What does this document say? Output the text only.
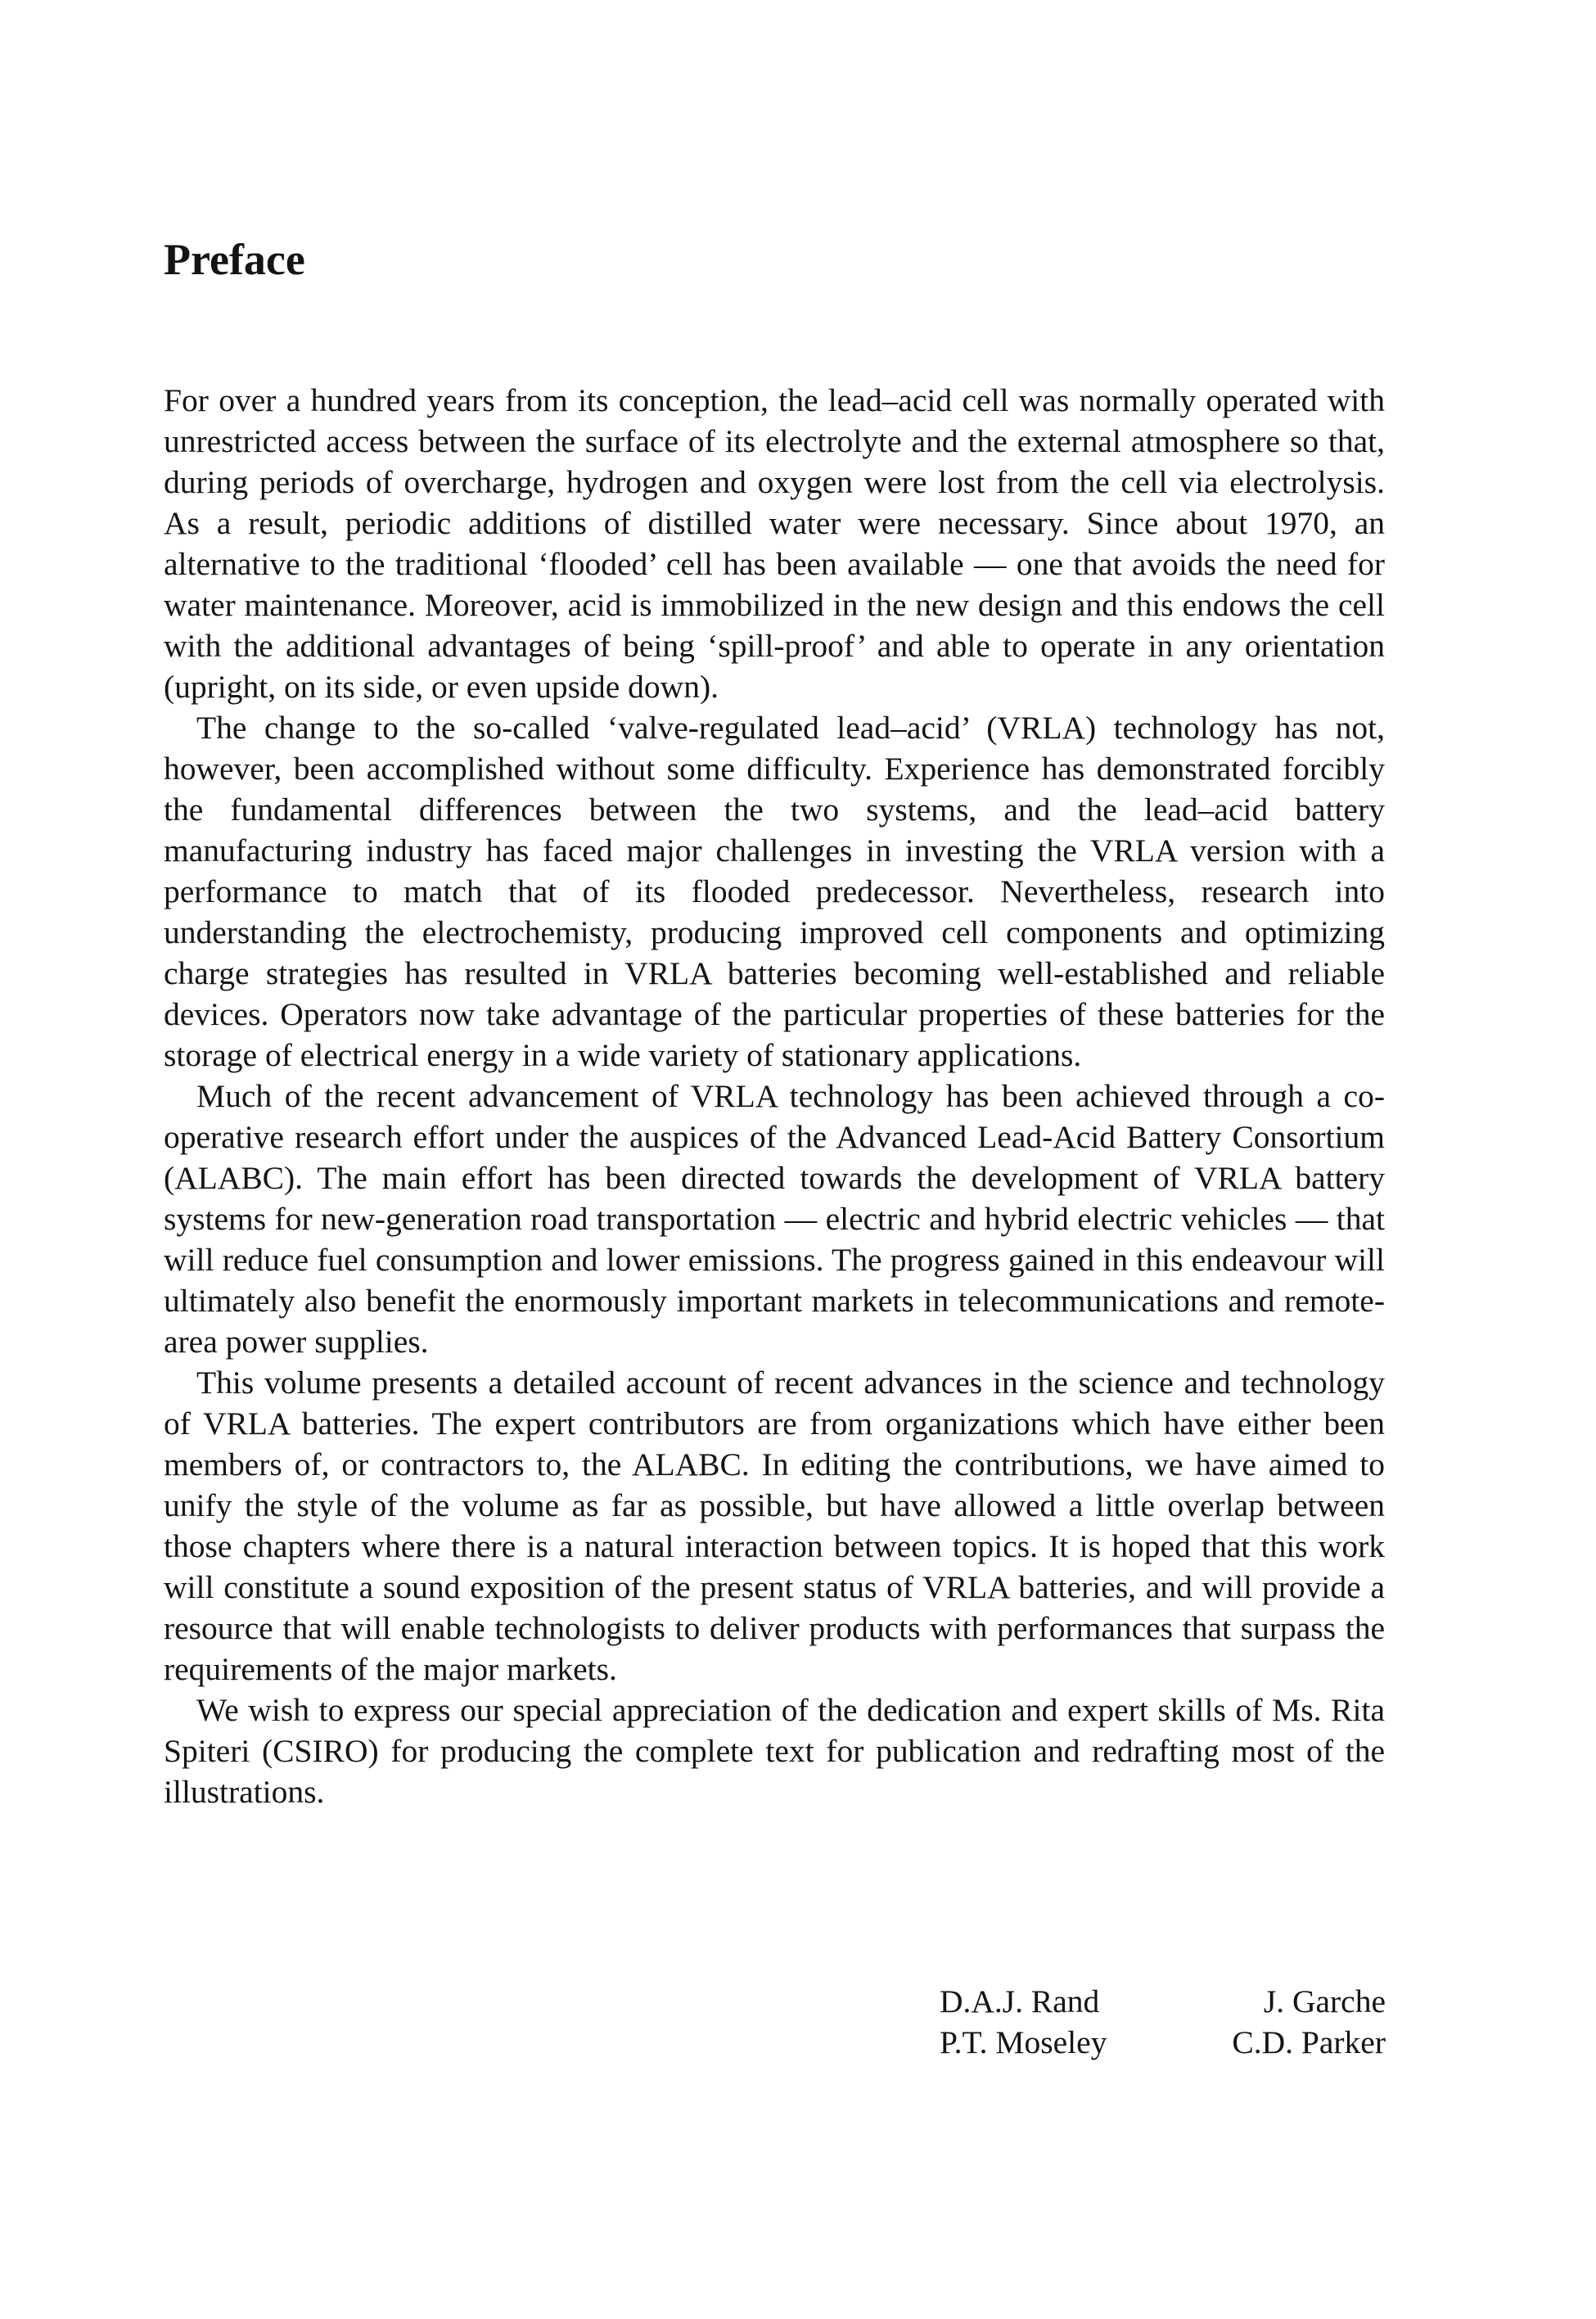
Preface

For over a hundred years from its conception, the lead–acid cell was normally operated with unrestricted access between the surface of its electrolyte and the external atmosphere so that, during periods of overcharge, hydrogen and oxygen were lost from the cell via electrolysis. As a result, periodic additions of distilled water were necessary. Since about 1970, an alternative to the traditional ‘flooded’ cell has been available — one that avoids the need for water maintenance. Moreover, acid is immobilized in the new design and this endows the cell with the additional advantages of being ‘spill-proof’ and able to operate in any orientation (upright, on its side, or even upside down).

The change to the so-called ‘valve-regulated lead–acid’ (VRLA) technology has not, however, been accomplished without some difficulty. Experience has demonstrated forcibly the fundamental differences between the two systems, and the lead–acid battery manufacturing industry has faced major challenges in investing the VRLA version with a performance to match that of its flooded predecessor. Nevertheless, research into understanding the electrochemisty, producing improved cell components and optimizing charge strategies has resulted in VRLA batteries becoming well-established and reliable devices. Operators now take advantage of the particular properties of these batteries for the storage of electrical energy in a wide variety of stationary applications.

Much of the recent advancement of VRLA technology has been achieved through a co-operative research effort under the auspices of the Advanced Lead-Acid Battery Consortium (ALABC). The main effort has been directed towards the development of VRLA battery systems for new-generation road transportation — electric and hybrid electric vehicles — that will reduce fuel consumption and lower emissions. The progress gained in this endeavour will ultimately also benefit the enormously important markets in telecommunications and remote-area power supplies.

This volume presents a detailed account of recent advances in the science and technology of VRLA batteries. The expert contributors are from organizations which have either been members of, or contractors to, the ALABC. In editing the contributions, we have aimed to unify the style of the volume as far as possible, but have allowed a little overlap between those chapters where there is a natural interaction between topics. It is hoped that this work will constitute a sound exposition of the present status of VRLA batteries, and will provide a resource that will enable technologists to deliver products with performances that surpass the requirements of the major markets.

We wish to express our special appreciation of the dedication and expert skills of Ms. Rita Spiteri (CSIRO) for producing the complete text for publication and redrafting most of the illustrations.

D.A.J. Rand	J. Garche
P.T. Moseley	C.D. Parker
